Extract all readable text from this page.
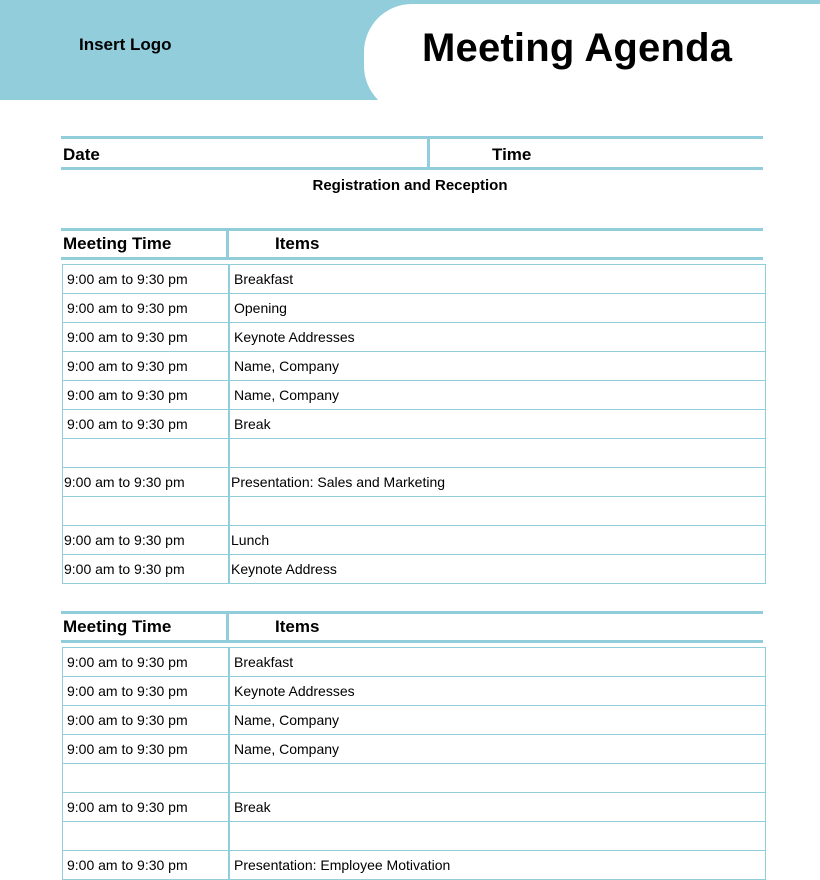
Insert Logo	Meeting Agenda
Date	Time
Registration and Reception
Meeting Time	Items
9:00 am to 9:30 pm	Breakfast
9:00 am to 9:30 pm	Opening
9:00 am to 9:30 pm	Keynote Addresses
9:00 am to 9:30 pm	Name, Company
9:00 am to 9:30 pm	Name, Company
9:00 am to 9:30 pm	Break

9:00 am to 9:30 pm	Presentation: Sales and Marketing

9:00 am to 9:30 pm	Lunch
9:00 am to 9:30 pm	Keynote Address
Meeting Time	Items
9:00 am to 9:30 pm	Breakfast
9:00 am to 9:30 pm	Keynote Addresses
9:00 am to 9:30 pm	Name, Company
9:00 am to 9:30 pm	Name, Company

9:00 am to 9:30 pm	Break

9:00 am to 9:30 pm	Presentation: Employee Motivation
